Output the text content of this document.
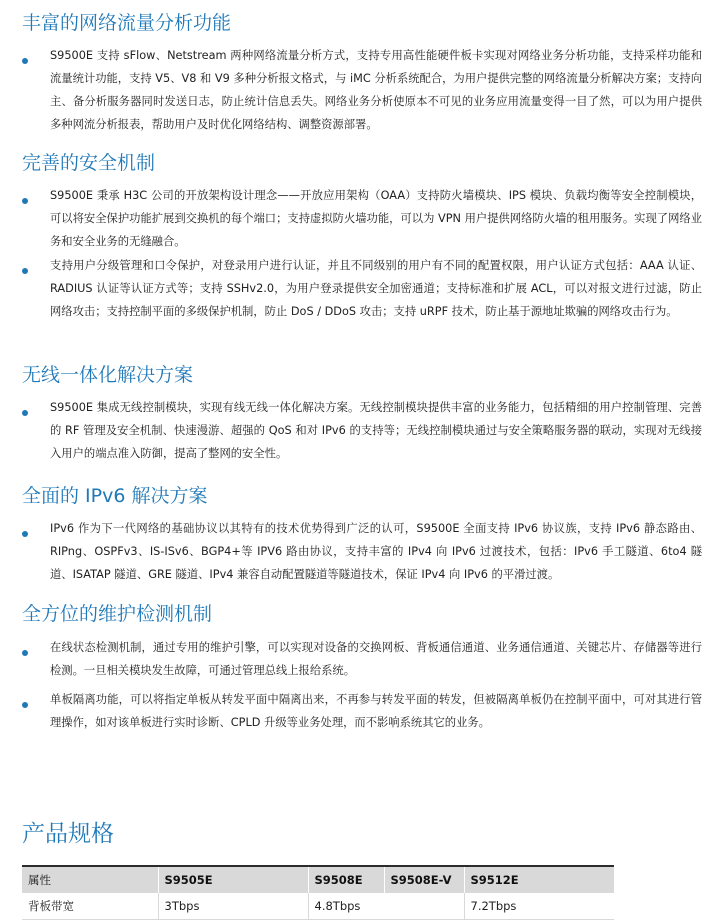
丰富的网络流量分析功能

S9500E 支持 sFlow、Netstream 两种网络流量分析方式，支持专用高性能硬件板卡实现对网络业务分析功能，支持采样功能和流量统计功能，支持 V5、V8 和 V9 多种分析报文格式，与 iMC 分析系统配合，为用户提供完整的网络流量分析解决方案；支持向主、备分析服务器同时发送日志，防止统计信息丢失。网络业务分析使原本不可见的业务应用流量变得一目了然，可以为用户提供多种网流分析报表，帮助用户及时优化网络结构、调整资源部署。

完善的安全机制

S9500E 秉承 H3C 公司的开放架构设计理念——开放应用架构（OAA）支持防火墙模块、IPS 模块、负载均衡等安全控制模块，可以将安全保护功能扩展到交换机的每个端口；支持虚拟防火墙功能，可以为 VPN 用户提供网络防火墙的租用服务。实现了网络业务和安全业务的无缝融合。

支持用户分级管理和口令保护，对登录用户进行认证，并且不同级别的用户有不同的配置权限，用户认证方式包括：AAA 认证、RADIUS 认证等认证方式等；支持 SSHv2.0，为用户登录提供安全加密通道；支持标准和扩展 ACL，可以对报文进行过滤，防止网络攻击；支持控制平面的多级保护机制，防止 DoS / DDoS 攻击；支持 uRPF 技术，防止基于源地址欺骗的网络攻击行为。

无线一体化解决方案

S9500E 集成无线控制模块，实现有线无线一体化解决方案。无线控制模块提供丰富的业务能力，包括精细的用户控制管理、完善的 RF 管理及安全机制、快速漫游、超强的 QoS 和对 IPv6 的支持等；无线控制模块通过与安全策略服务器的联动，实现对无线接入用户的端点准入防御，提高了整网的安全性。

全面的 IPv6 解决方案

IPv6 作为下一代网络的基础协议以其特有的技术优势得到广泛的认可，S9500E 全面支持 IPv6 协议族，支持 IPv6 静态路由、RIPng、OSPFv3、IS-ISv6、BGP4+等 IPV6 路由协议，支持丰富的 IPv4 向 IPv6 过渡技术，包括：IPv6 手工隧道、6to4 隧道、ISATAP 隧道、GRE 隧道、IPv4 兼容自动配置隧道等隧道技术，保证 IPv4 向 IPv6 的平滑过渡。

全方位的维护检测机制

在线状态检测机制，通过专用的维护引擎，可以实现对设备的交换网板、背板通信通道、业务通信通道、关键芯片、存储器等进行检测。一旦相关模块发生故障，可通过管理总线上报给系统。

单板隔离功能，可以将指定单板从转发平面中隔离出来，不再参与转发平面的转发，但被隔离单板仍在控制平面中，可对其进行管理操作，如对该单板进行实时诊断、CPLD 升级等业务处理，而不影响系统其它的业务。

产品规格
属性	S9505E	S9508E	S9508E-V	S9512E
背板带宽	3Tbps	4.8Tbps		7.2Tbps
